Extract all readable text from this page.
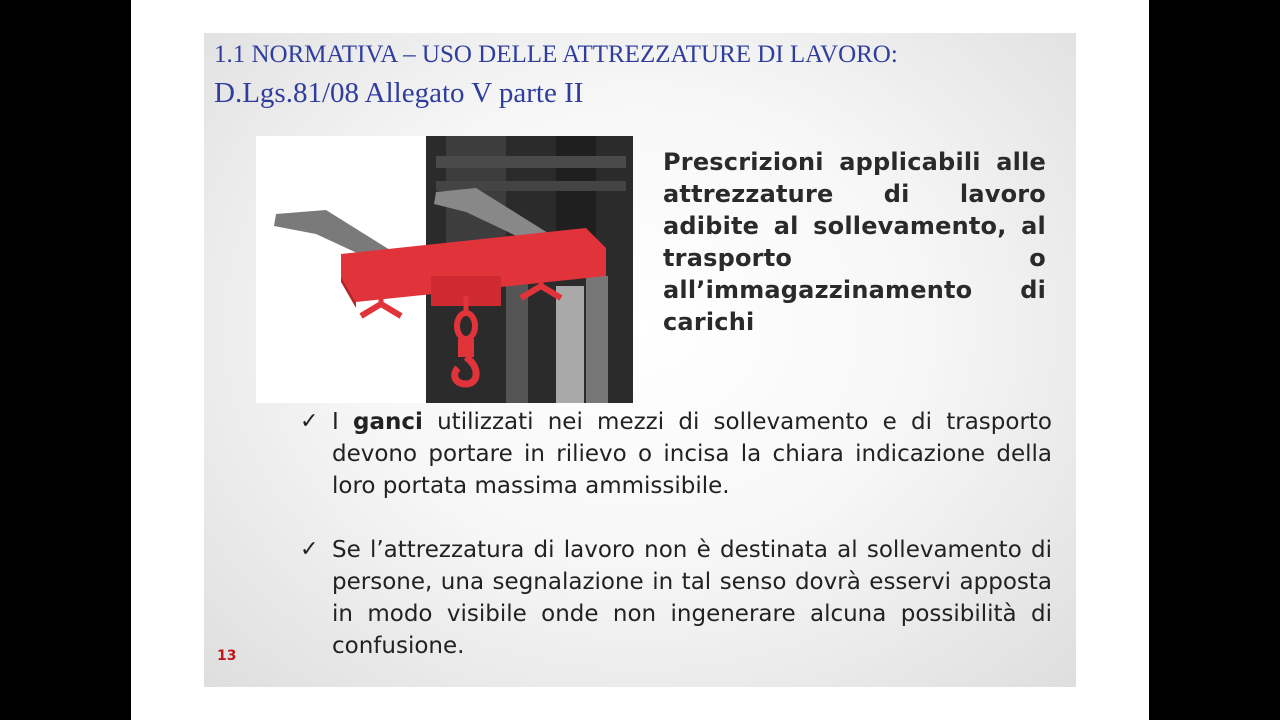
1.1 NORMATIVA – USO DELLE ATTREZZATURE DI LAVORO:
D.Lgs.81/08 Allegato V parte II
Prescrizioni applicabili alle attrezzature di lavoro adibite al sollevamento, al trasporto o all’immagazzinamento di carichi
✓ I ganci utilizzati nei mezzi di sollevamento e di trasporto devono portare in rilievo o incisa la chiara indicazione della loro portata massima ammissibile.
✓ Se l’attrezzatura di lavoro non è destinata al sollevamento di persone, una segnalazione in tal senso dovrà esservi apposta in modo visibile onde non ingenerare alcuna possibilità di confusione.
13
